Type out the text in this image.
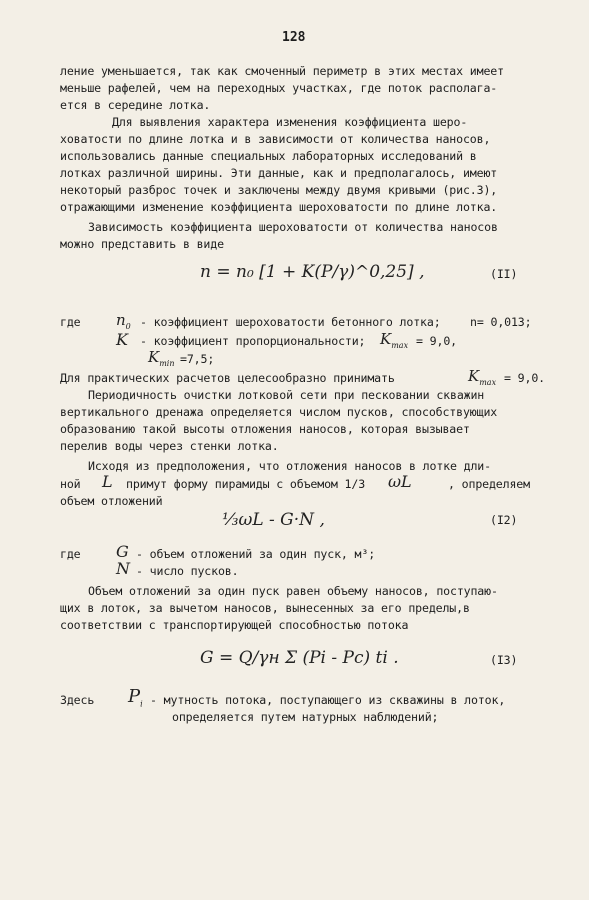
128
ление уменьшается, так как смоченный периметр в этих местах имеет
меньше рафелей, чем на переходных участках, где поток располага-
ется в середине лотка.
Для выявления характера изменения коэффициента шеро-
ховатости по длине лотка и в зависимости от количества наносов,
использовались данные специальных лабораторных исследований в
лотках различной ширины. Эти данные, как и предполагалось, имеют
некоторый разброс точек и заключены между двумя кривыми (рис.3),
отражающими изменение коэффициента шероховатости по длине лотка.
Зависимость коэффициента шероховатости от количества наносов
можно представить в виде
n = n₀ [1 + K(P/γ)^0,25] ,	(II)
где $n_0$ - коэффициент шероховатости бетонного лотка;	n= 0,013;
K - коэффициент пропорциональности; $K_{max} = 9,0$,
$K_{min} =7,5$;
Для практических расчетов целесообразно принимать	$K_{max} = 9,0$.
Периодичность очистки лотковой сети при песковании скважин
вертикального дренажа определяется числом пусков, способствующих
образованию такой высоты отложения наносов, которая вызывает
перелив воды через стенки лотка.
Исходя из предположения, что отложения наносов в лотке дли-
ной L примут форму пирамиды с объемом 1/3 ωL	, определяем
объем отложений
⅓ωL - G·N ,	(I2)
где G - объем отложений за один пуск, м³;
N - число пусков.
Объем отложений за один пуск равен объему наносов, поступаю-
щих в лоток, за вычетом наносов, вынесенных за его пределы,в
соответствии с транспортирующей способностью потока
G = Q/γн Σ (Pi - Pc) ti .	(I3)
Здесь $P_i$ - мутность потока, поступающего из скважины в лоток,
определяется путем натурных наблюдений;
